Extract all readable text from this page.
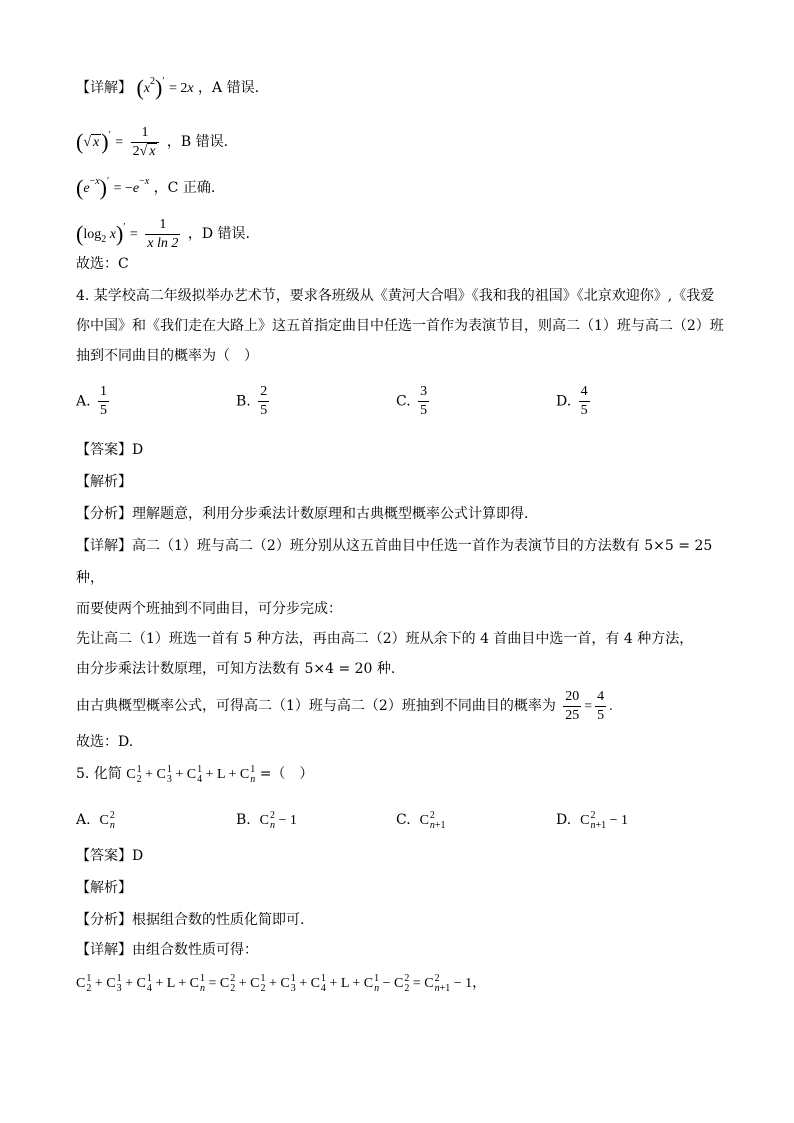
【详解】 $(x^2)' = 2x$ ，A 错误.
(√ $x)' = \frac{1}{2√ x}$ ，B 错误.
$(e^{-x})' = -e^{-x}$ ，C 正确.
($\log_2$ $x)' = \frac{1}{\text{x ln 2}}$ ，D 错误.
故选：C
4. 某学校高二年级拟举办艺术节，要求各班级从《黄河大合唱》《我和我的祖国》《北京欢迎你》,《我爱
你中国》和《我们走在大路上》这五首指定曲目中任选一首作为表演节目，则高二（1）班与高二（2）班
抽到不同曲目的概率为（　）
A. $\frac{1}{5}$	B. $\frac{2}{5}$	C. $\frac{3}{5}$	D. $\frac{4}{5}$
【答案】D
【解析】
【分析】理解题意，利用分步乘法计数原理和古典概型概率公式计算即得.
【详解】高二（1）班与高二（2）班分别从这五首曲目中任选一首作为表演节目的方法数有 5×5 = 25
种，
而要使两个班抽到不同曲目，可分步完成：
先让高二（1）班选一首有 5 种方法，再由高二（2）班从余下的 4 首曲目中选一首，有 4 种方法，
由分步乘法计数原理，可知方法数有 5×4 = 20 种.
由古典概型概率公式，可得高二（1）班与高二（2）班抽到不同曲目的概率为 $\frac{20}{25} = \frac{4}{5}$ .
故选：D.
5. 化简 C 1
2 + C 1
3 + C 1
4 + L + C 1
n =（　）
A. C 2
n	B. C 2
n − 1	C. C 2
n+1	D. C 2
n+1 − 1
【答案】D
【解析】
【分析】根据组合数的性质化简即可.
【详解】由组合数性质可得：
C 1
2 + C 1
3 + C 1
4 + L + C 1
n = C 2
2 + C 1
2 + C 1
3 + C 1
4 + L + C 1
n − C 2
2 = C 2
n+1 − 1，
